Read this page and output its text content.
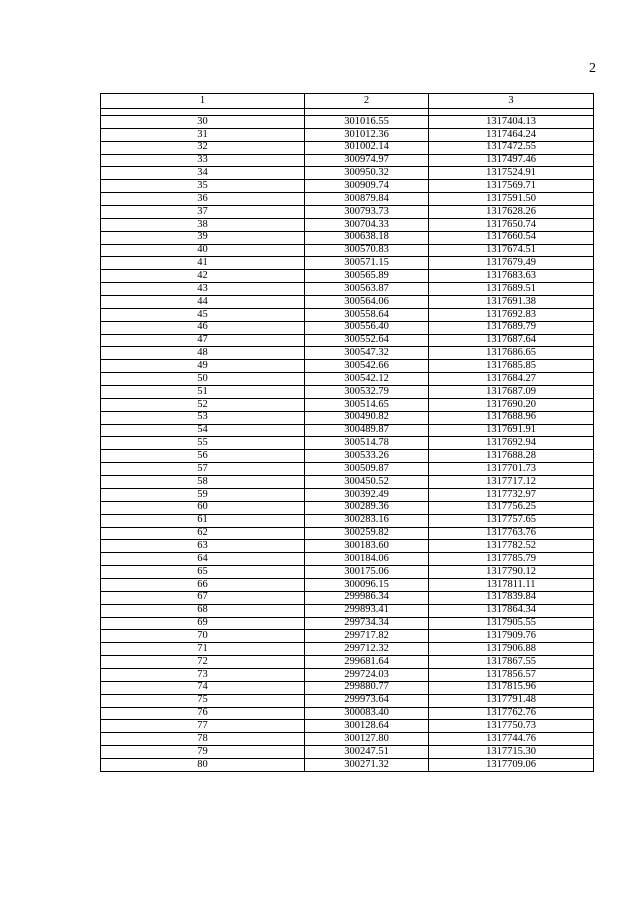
2
1	2	3

30	301016.55	1317404.13
31	301012.36	1317464.24
32	301002.14	1317472.55
33	300974.97	1317497.46
34	300950.32	1317524.91
35	300909.74	1317569.71
36	300879.84	1317591.50
37	300793.73	1317628.26
38	300704.33	1317650.74
39	300638.18	1317660.54
40	300570.83	1317674.51
41	300571.15	1317679.49
42	300565.89	1317683.63
43	300563.87	1317689.51
44	300564.06	1317691.38
45	300558.64	1317692.83
46	300556.40	1317689.79
47	300552.64	1317687.64
48	300547.32	1317686.65
49	300542.66	1317685.85
50	300542.12	1317684.27
51	300532.79	1317687.09
52	300514.65	1317690.20
53	300490.82	1317688.96
54	300489.87	1317691.91
55	300514.78	1317692.94
56	300533.26	1317688.28
57	300509.87	1317701.73
58	300450.52	1317717.12
59	300392.49	1317732.97
60	300289.36	1317756.25
61	300283.16	1317757.65
62	300259.82	1317763.76
63	300183.60	1317782.52
64	300184.06	1317785.79
65	300175.06	1317790.12
66	300096.15	1317811.11
67	299986.34	1317839.84
68	299893.41	1317864.34
69	299734.34	1317905.55
70	299717.82	1317909.76
71	299712.32	1317906.88
72	299681.64	1317867.55
73	299724.03	1317856.57
74	299880.77	1317815.96
75	299973.64	1317791.48
76	300083.40	1317762.76
77	300128.64	1317750.73
78	300127.80	1317744.76
79	300247.51	1317715.30
80	300271.32	1317709.06
